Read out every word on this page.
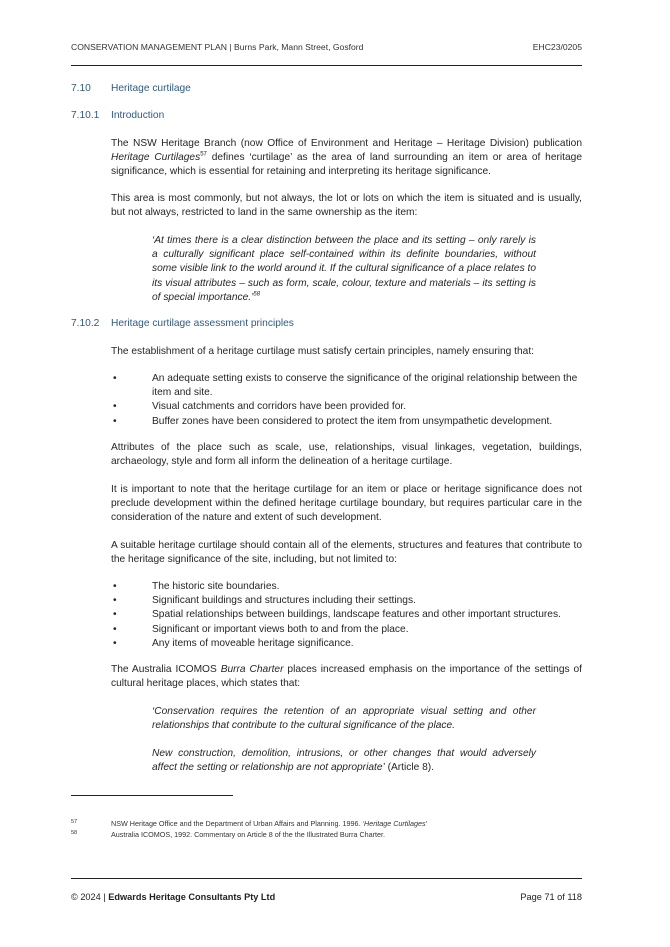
CONSERVATION MANAGEMENT PLAN | Burns Park, Mann Street, Gosford	EHC23/0205
7.10 Heritage curtilage
7.10.1 Introduction
The NSW Heritage Branch (now Office of Environment and Heritage – Heritage Division) publication Heritage Curtilages$^{57}$ defines ‘curtilage’ as the area of land surrounding an item or area of heritage significance, which is essential for retaining and interpreting its heritage significance.
This area is most commonly, but not always, the lot or lots on which the item is situated and is usually, but not always, restricted to land in the same ownership as the item:
‘At times there is a clear distinction between the place and its setting – only rarely is a culturally significant place self-contained within its definite boundaries, without some visible link to the world around it. If the cultural significance of a place relates to its visual attributes – such as form, scale, colour, texture and materials – its setting is of special importance.’$^{58}$
7.10.2 Heritage curtilage assessment principles
The establishment of a heritage curtilage must satisfy certain principles, namely ensuring that:
•	An adequate setting exists to conserve the significance of the original relationship between the item and site.
•	Visual catchments and corridors have been provided for.
•	Buffer zones have been considered to protect the item from unsympathetic development.
Attributes of the place such as scale, use, relationships, visual linkages, vegetation, buildings, archaeology, style and form all inform the delineation of a heritage curtilage.
It is important to note that the heritage curtilage for an item or place or heritage significance does not preclude development within the defined heritage curtilage boundary, but requires particular care in the consideration of the nature and extent of such development.
A suitable heritage curtilage should contain all of the elements, structures and features that contribute to the heritage significance of the site, including, but not limited to:
•	The historic site boundaries.
•	Significant buildings and structures including their settings.
•	Spatial relationships between buildings, landscape features and other important structures.
•	Significant or important views both to and from the place.
•	Any items of moveable heritage significance.
The Australia ICOMOS Burra Charter places increased emphasis on the importance of the settings of cultural heritage places, which states that:
‘Conservation requires the retention of an appropriate visual setting and other relationships that contribute to the cultural significance of the place.
New construction, demolition, intrusions, or other changes that would adversely affect the setting or relationship are not appropriate’ (Article 8).
57	NSW Heritage Office and the Department of Urban Affairs and Planning. 1996. ‘Heritage Curtilages’
58	Australia ICOMOS, 1992. Commentary on Article 8 of the the Illustrated Burra Charter.
© 2024 | Edwards Heritage Consultants Pty Ltd	Page 71 of 118
